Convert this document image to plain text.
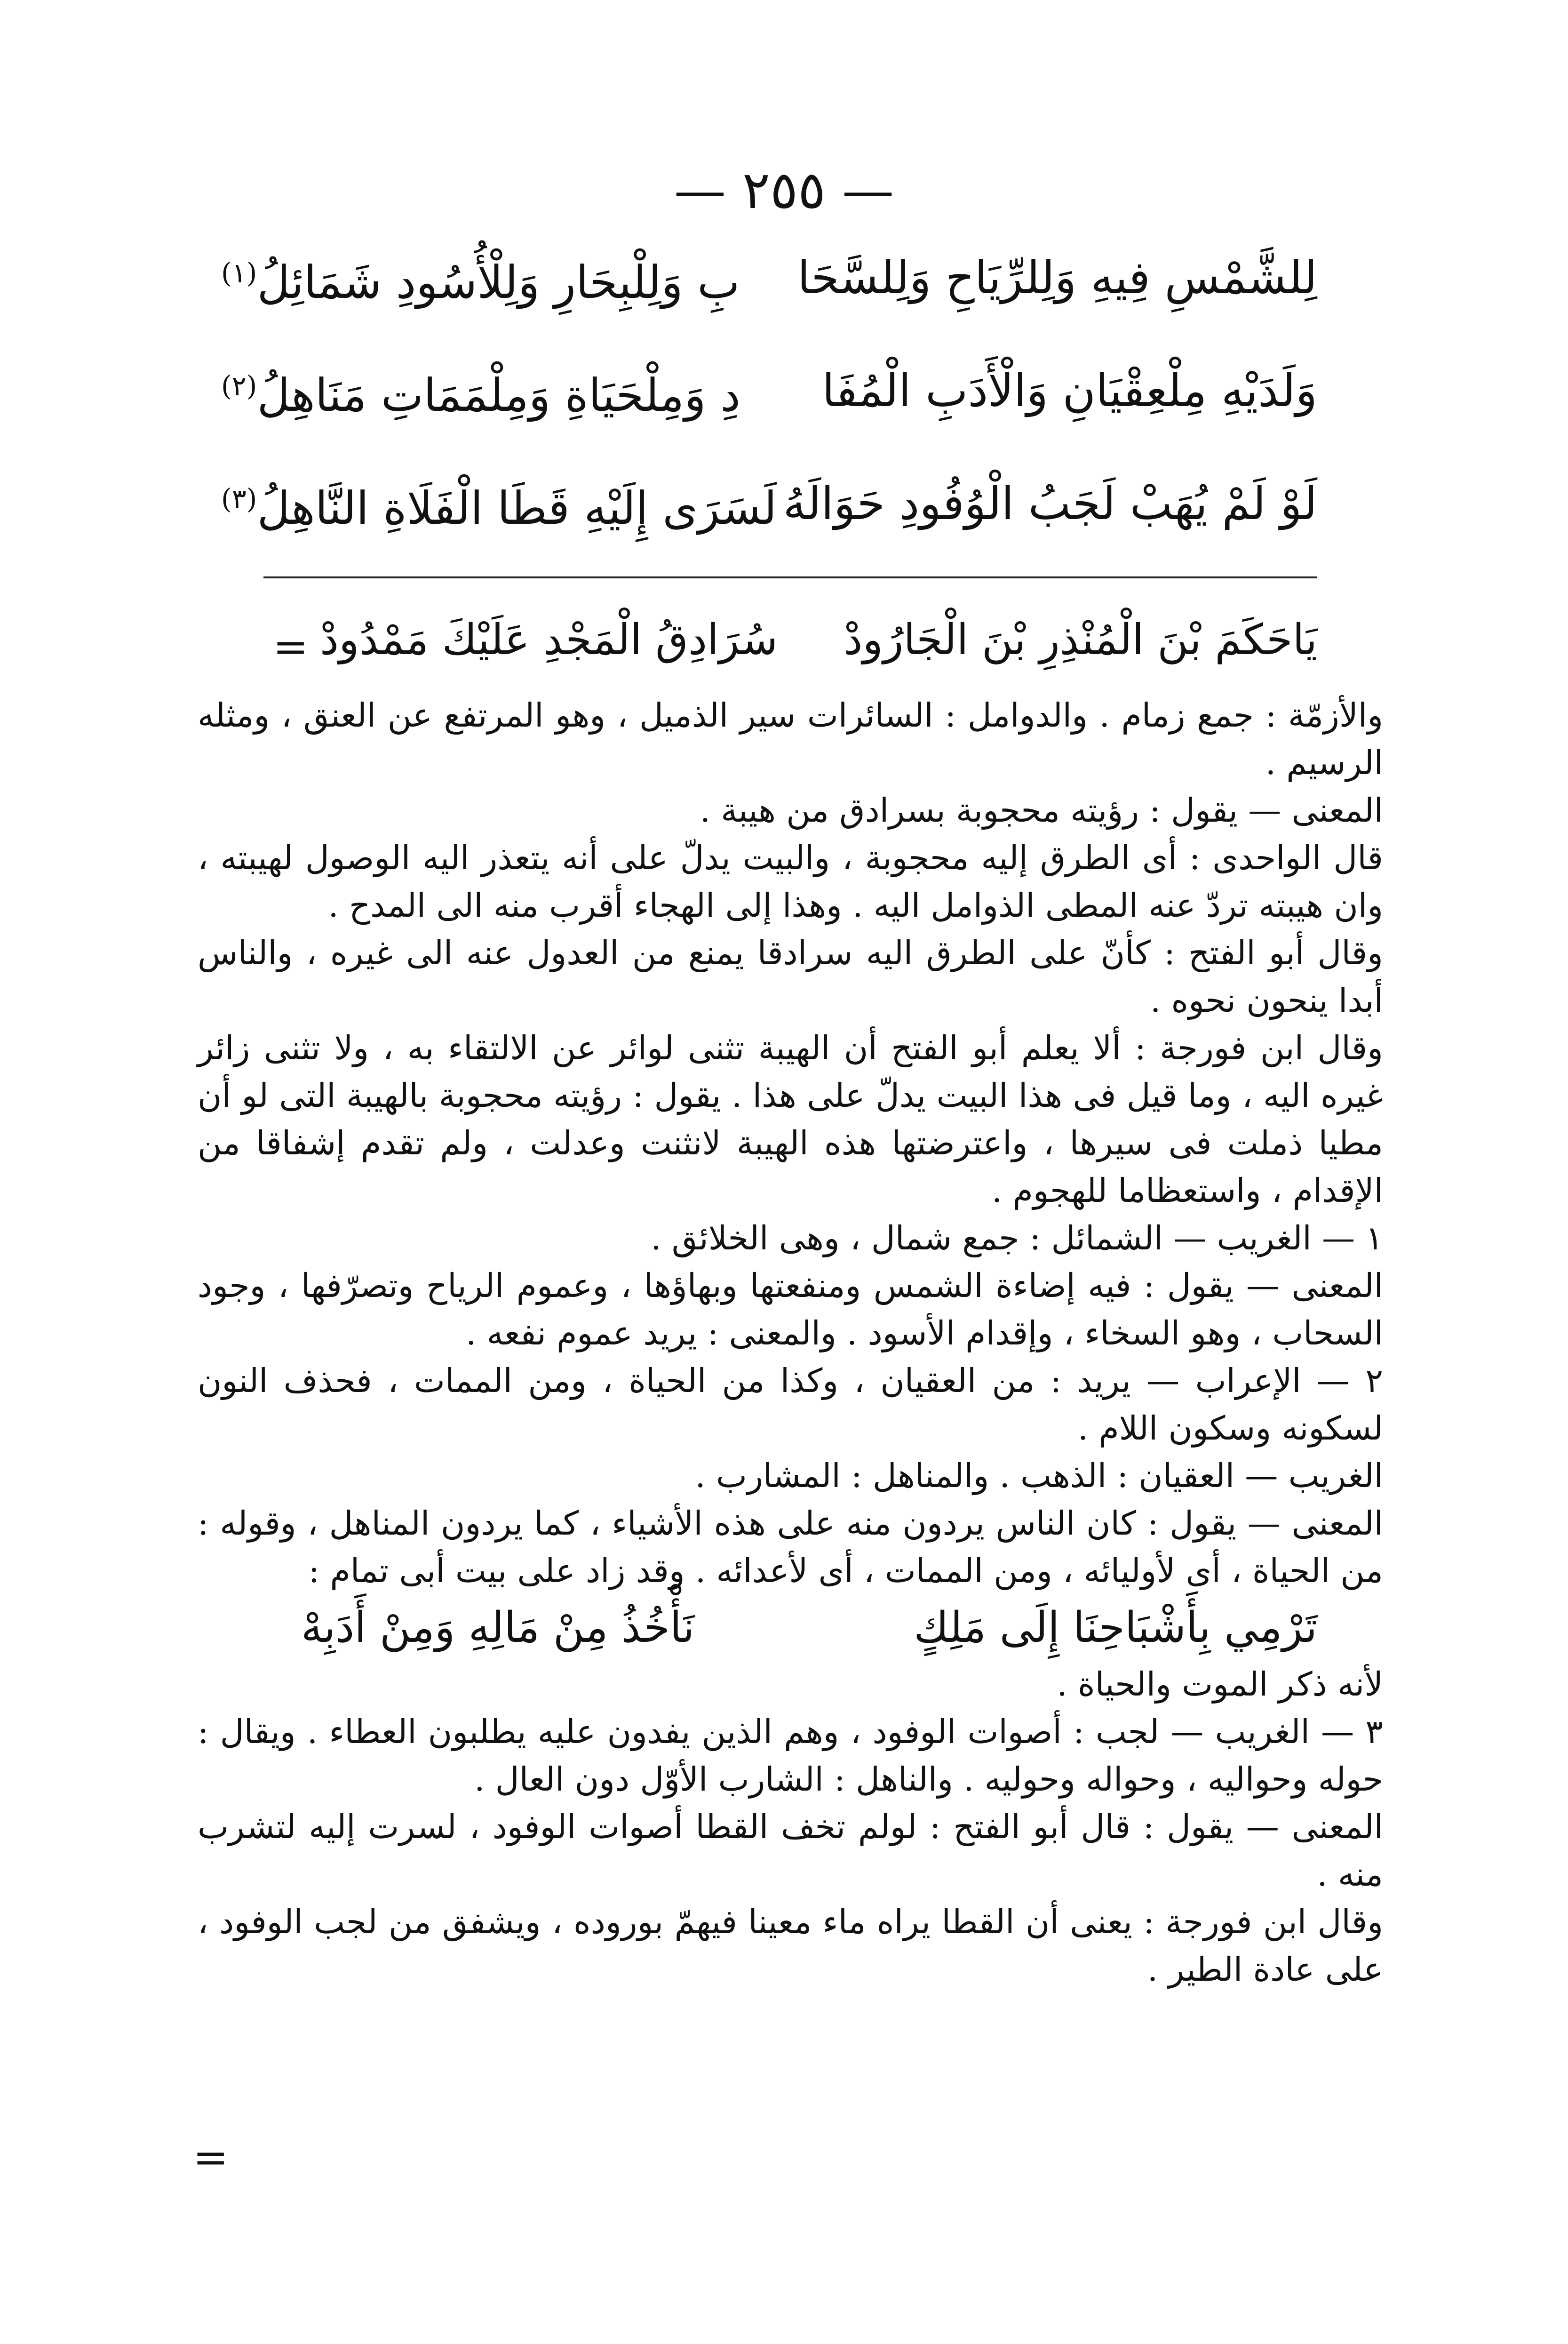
— ٢٥٥ —
لِلشَّمْسِ فِيهِ وَلِلرِّيَاحِ وَلِلسَّحَا
بِ وَلِلْبِحَارِ وَلِلْأُسُودِ شَمَائِلُ$^{(١)}$
وَلَدَيْهِ مِلْعِقْيَانِ وَالْأَدَبِ الْمُفَا
دِ وَمِلْحَيَاةِ وَمِلْمَمَاتِ مَنَاهِلُ$^{(٢)}$
لَوْ لَمْ يُهَبْ لَجَبُ الْوُفُودِ حَوَالَهُ
لَسَرَى إِلَيْهِ قَطَا الْفَلَاةِ النَّاهِلُ$^{(٣)}$
=	يَاحَكَمَ بْنَ الْمُنْذِرِ بْنَ الْجَارُودْ
سُرَادِقُ الْمَجْدِ عَلَيْكَ مَمْدُودْ

والأزمّة : جمع زمام . والدوامل : السائرات سير الذميل ، وهو المرتفع عن العنق ، ومثله الرسيم .

المعنى — يقول : رؤيته محجوبة بسرادق من هيبة .

قال الواحدى : أى الطرق إليه محجوبة ، والبيت يدلّ على أنه يتعذر اليه الوصول لهيبته ، وان هيبته تردّ عنه المطى الذوامل اليه . وهذا إلى الهجاء أقرب منه الى المدح .

وقال أبو الفتح : كأنّ على الطرق اليه سرادقا يمنع من العدول عنه الى غيره ، والناس أبدا ينحون نحوه .

وقال ابن فورجة : ألا يعلم أبو الفتح أن الهيبة تثنى لوائر عن الالتقاء به ، ولا تثنى زائر غيره اليه ، وما قيل فى هذا البيت يدلّ على هذا . يقول : رؤيته محجوبة بالهيبة التى لو أن مطيا ذملت فى سيرها ، واعترضتها هذه الهيبة لانثنت وعدلت ، ولم تقدم إشفاقا من الإقدام ، واستعظاما للهجوم .

١ — الغريب — الشمائل : جمع شمال ، وهى الخلائق .

المعنى — يقول : فيه إضاءة الشمس ومنفعتها وبهاؤها ، وعموم الرياح وتصرّفها ، وجود السحاب ، وهو السخاء ، وإقدام الأسود . والمعنى : يريد عموم نفعه .

٢ — الإعراب — يريد : من العقيان ، وكذا من الحياة ، ومن الممات ، فحذف النون لسكونه وسكون اللام .

الغريب — العقيان : الذهب . والمناهل : المشارب .

المعنى — يقول : كان الناس يردون منه على هذه الأشياء ، كما يردون المناهل ، وقوله : من الحياة ، أى لأوليائه ، ومن الممات ، أى لأعدائه . وقد زاد على بيت أبى تمام :

تَرْمِي بِأَشْبَاحِنَا إِلَى مَلِكٍ
نَأْخُذُ مِنْ مَالِهِ وَمِنْ أَدَبِهْ

لأنه ذكر الموت والحياة .

٣ — الغريب — لجب : أصوات الوفود ، وهم الذين يفدون عليه يطلبون العطاء . ويقال : حوله وحواليه ، وحواله وحوليه . والناهل : الشارب الأوّل دون العال .

المعنى — يقول : قال أبو الفتح : لولم تخف القطا أصوات الوفود ، لسرت إليه لتشرب منه .

وقال ابن فورجة : يعنى أن القطا يراه ماء معينا فيهمّ بوروده ، ويشفق من لجب الوفود ، على عادة الطير .

=
